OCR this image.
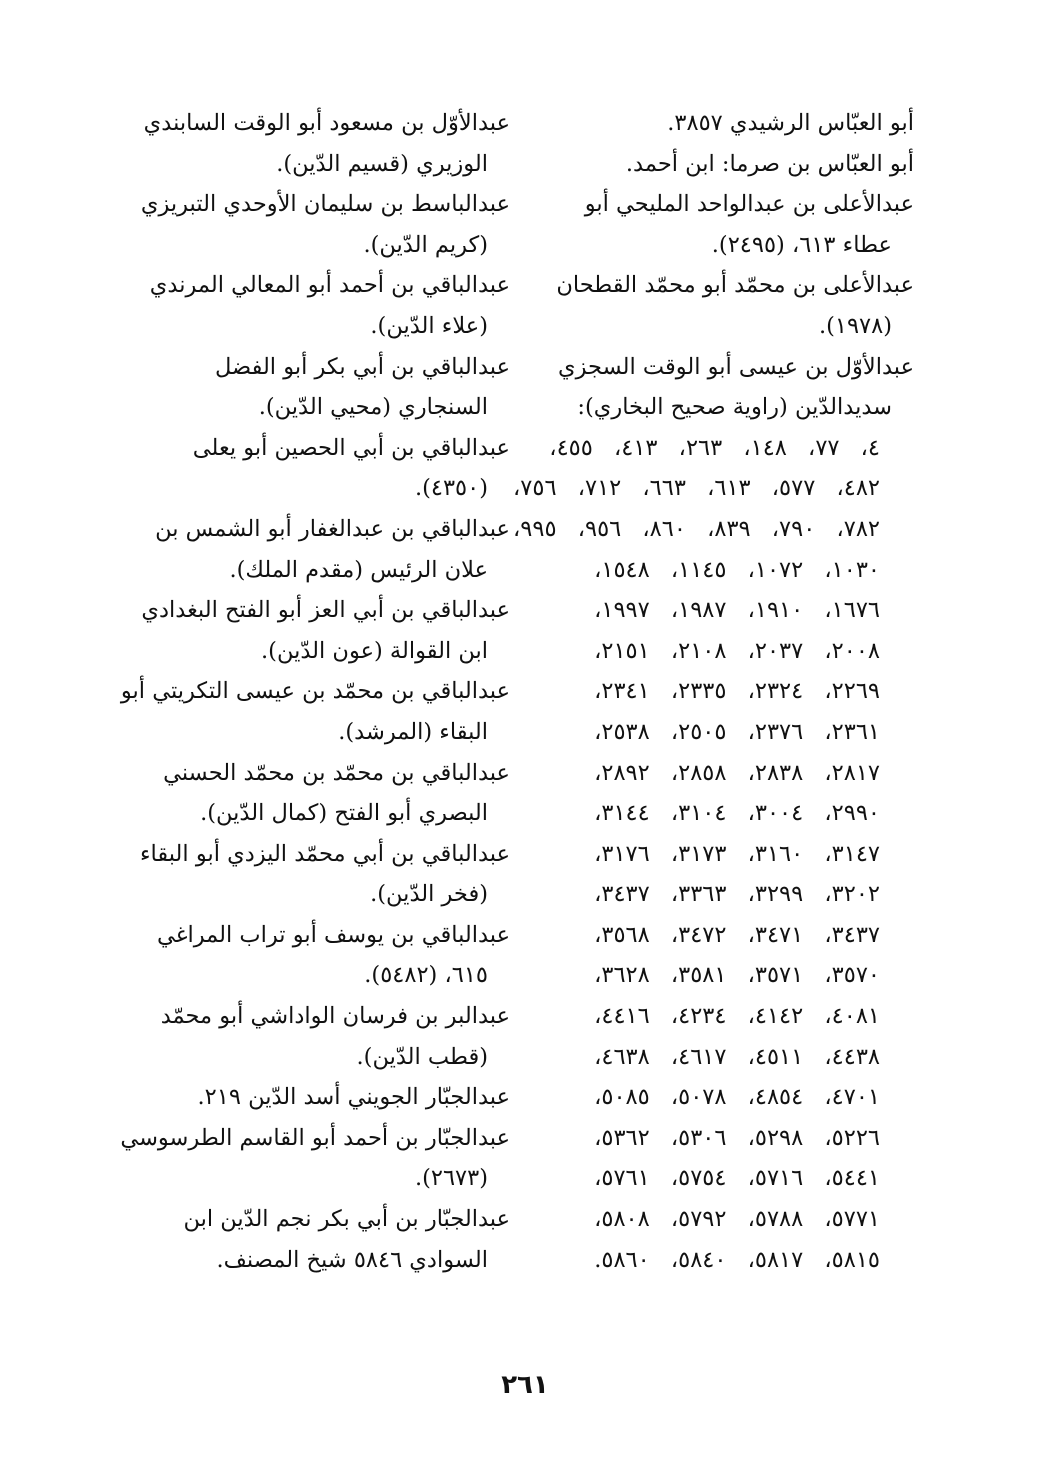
أبو العبّاس الرشيدي ٣٨٥٧.
أبو العبّاس بن صرما: ابن أحمد.
عبدالأعلى بن عبدالواحد المليحي أبو
عطاء ٦١٣، (٢٤٩٥).
عبدالأعلى بن محمّد أبو محمّد القطحان
(١٩٧٨).
عبدالأوّل بن عيسى أبو الوقت السجزي
سديدالدّين (راوية صحيح البخاري):
٤، ٧٧، ١٤٨، ٢٦٣، ٤١٣، ٤٥٥،
٤٨٢، ٥٧٧، ٦١٣، ٦٦٣، ٧١٢، ٧٥٦،
٧٨٢، ٧٩٠، ٨٣٩، ٨٦٠، ٩٥٦، ٩٩٥،
١٠٣٠، ١٠٧٢، ١١٤٥، ١٥٤٨،
١٦٧٦، ١٩١٠، ١٩٨٧، ١٩٩٧،
٢٠٠٨، ٢٠٣٧، ٢١٠٨، ٢١٥١،
٢٢٦٩، ٢٣٢٤، ٢٣٣٥، ٢٣٤١،
٢٣٦١، ٢٣٧٦، ٢٥٠٥، ٢٥٣٨،
٢٨١٧، ٢٨٣٨، ٢٨٥٨، ٢٨٩٢،
٢٩٩٠، ٣٠٠٤، ٣١٠٤، ٣١٤٤،
٣١٤٧، ٣١٦٠، ٣١٧٣، ٣١٧٦،
٣٢٠٢، ٣٢٩٩، ٣٣٦٣، ٣٤٣٧،
٣٤٣٧، ٣٤٧١، ٣٤٧٢، ٣٥٦٨،
٣٥٧٠، ٣٥٧١، ٣٥٨١، ٣٦٢٨،
٤٠٨١، ٤١٤٢، ٤٢٣٤، ٤٤١٦،
٤٤٣٨، ٤٥١١، ٤٦١٧، ٤٦٣٨،
٤٧٠١، ٤٨٥٤، ٥٠٧٨، ٥٠٨٥،
٥٢٢٦، ٥٢٩٨، ٥٣٠٦، ٥٣٦٢،
٥٤٤١، ٥٧١٦، ٥٧٥٤، ٥٧٦١،
٥٧٧١، ٥٧٨٨، ٥٧٩٢، ٥٨٠٨،
٥٨١٥، ٥٨١٧، ٥٨٤٠، ٥٨٦٠.
عبدالأوّل بن مسعود أبو الوقت السابندي
الوزيري (قسيم الدّين).
عبدالباسط بن سليمان الأوحدي التبريزي
(كريم الدّين).
عبدالباقي بن أحمد أبو المعالي المرندي
(علاء الدّين).
عبدالباقي بن أبي بكر أبو الفضل
السنجاري (محيي الدّين).
عبدالباقي بن أبي الحصين أبو يعلى
(٤٣٥٠).
عبدالباقي بن عبدالغفار أبو الشمس بن
علان الرئيس (مقدم الملك).
عبدالباقي بن أبي العز أبو الفتح البغدادي
ابن القوالة (عون الدّين).
عبدالباقي بن محمّد بن عيسى التكريتي أبو
البقاء (المرشد).
عبدالباقي بن محمّد بن محمّد الحسني
البصري أبو الفتح (كمال الدّين).
عبدالباقي بن أبي محمّد اليزدي أبو البقاء
(فخر الدّين).
عبدالباقي بن يوسف أبو تراب المراغي
٦١٥، (٥٤٨٢).
عبدالبر بن فرسان الواداشي أبو محمّد
(قطب الدّين).
عبدالجبّار الجويني أسد الدّين ٢١٩.
عبدالجبّار بن أحمد أبو القاسم الطرسوسي
(٢٦٧٣).
عبدالجبّار بن أبي بكر نجم الدّين ابن
السوادي ٥٨٤٦ شيخ المصنف.
٢٦١
